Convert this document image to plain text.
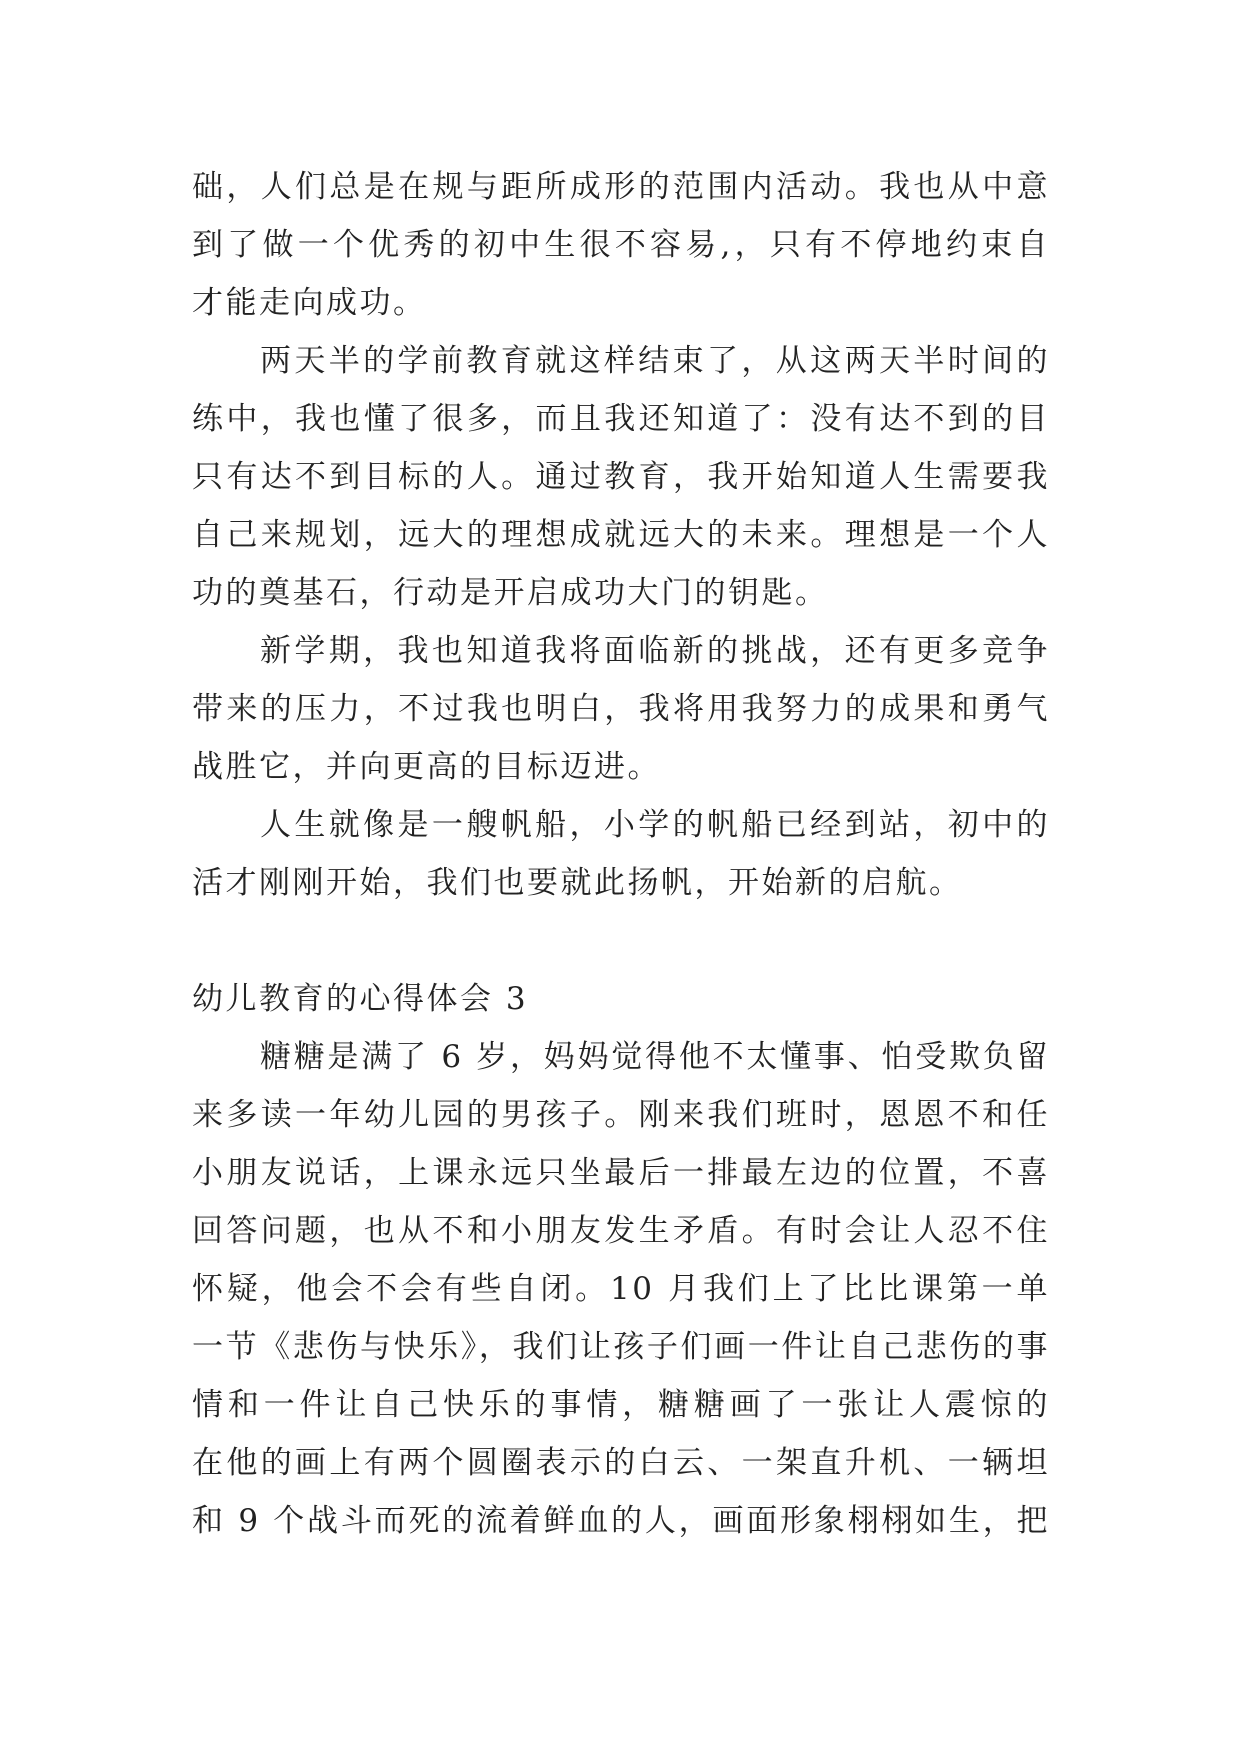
础，人们总是在规与距所成形的范围内活动。我也从中意
到了做一个优秀的初中生很不容易,，只有不停地约束自
才能走向成功。
两天半的学前教育就这样结束了，从这两天半时间的
练中，我也懂了很多，而且我还知道了：没有达不到的目
只有达不到目标的人。通过教育，我开始知道人生需要我
自己来规划，远大的理想成就远大的未来。理想是一个人
功的奠基石，行动是开启成功大门的钥匙。
新学期，我也知道我将面临新的挑战，还有更多竞争
带来的压力，不过我也明白，我将用我努力的成果和勇气
战胜它，并向更高的目标迈进。
人生就像是一艘帆船，小学的帆船已经到站，初中的
活才刚刚开始，我们也要就此扬帆，开始新的启航。
幼儿教育的心得体会 3
糖糖是满了 6 岁，妈妈觉得他不太懂事、怕受欺负留
来多读一年幼儿园的男孩子。刚来我们班时，恩恩不和任
小朋友说话，上课永远只坐最后一排最左边的位置，不喜
回答问题，也从不和小朋友发生矛盾。有时会让人忍不住
怀疑，他会不会有些自闭。10 月我们上了比比课第一单
一节《悲伤与快乐》，我们让孩子们画一件让自己悲伤的事
情和一件让自己快乐的事情，糖糖画了一张让人震惊的
在他的画上有两个圆圈表示的白云、一架直升机、一辆坦
和 9 个战斗而死的流着鲜血的人，画面形象栩栩如生，把
